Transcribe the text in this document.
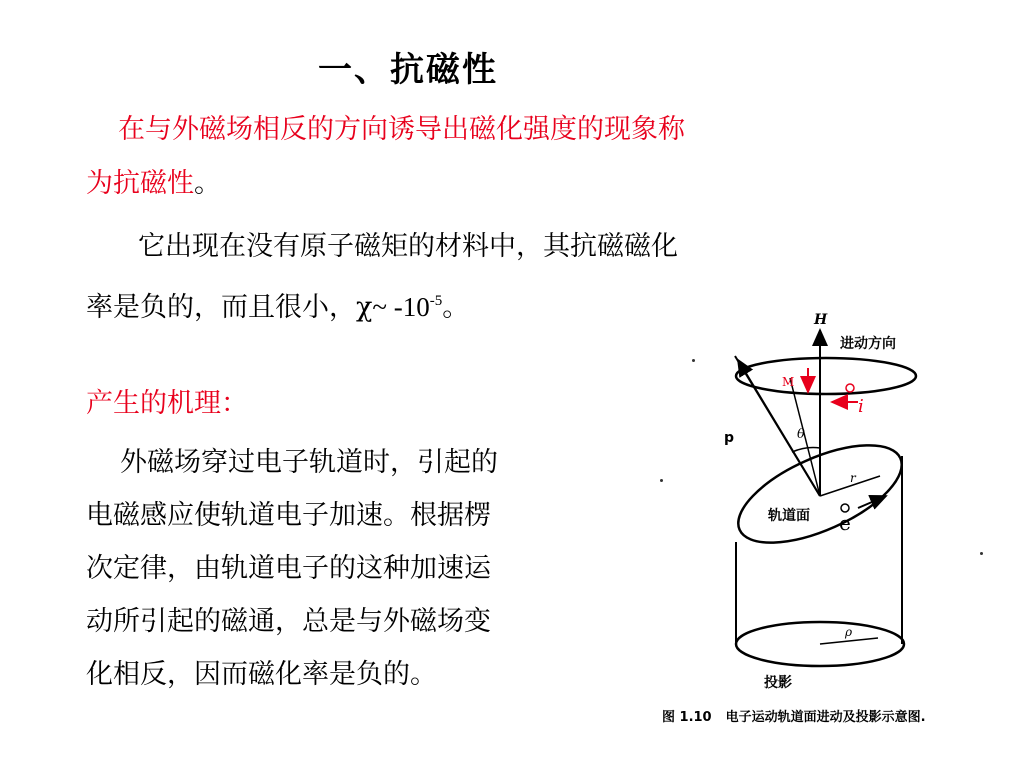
一、抗磁性
在与外磁场相反的方向诱导出磁化强度的现象称
为抗磁性。
它出现在没有原子磁矩的材料中，其抗磁磁化
率是负的，而且很小，χ~ $-10^{-5}$。
产生的机理：
外磁场穿过电子轨道时，引起的
电磁感应使轨道电子加速。根据楞
次定律，由轨道电子的这种加速运
动所引起的磁通，总是与外磁场变
化相反，因而磁化率是负的。
H
进动方向
p	θ
M
i
轨道面
r
e
ρ
投影
图 1.10 电子运动轨道面进动及投影示意图.
